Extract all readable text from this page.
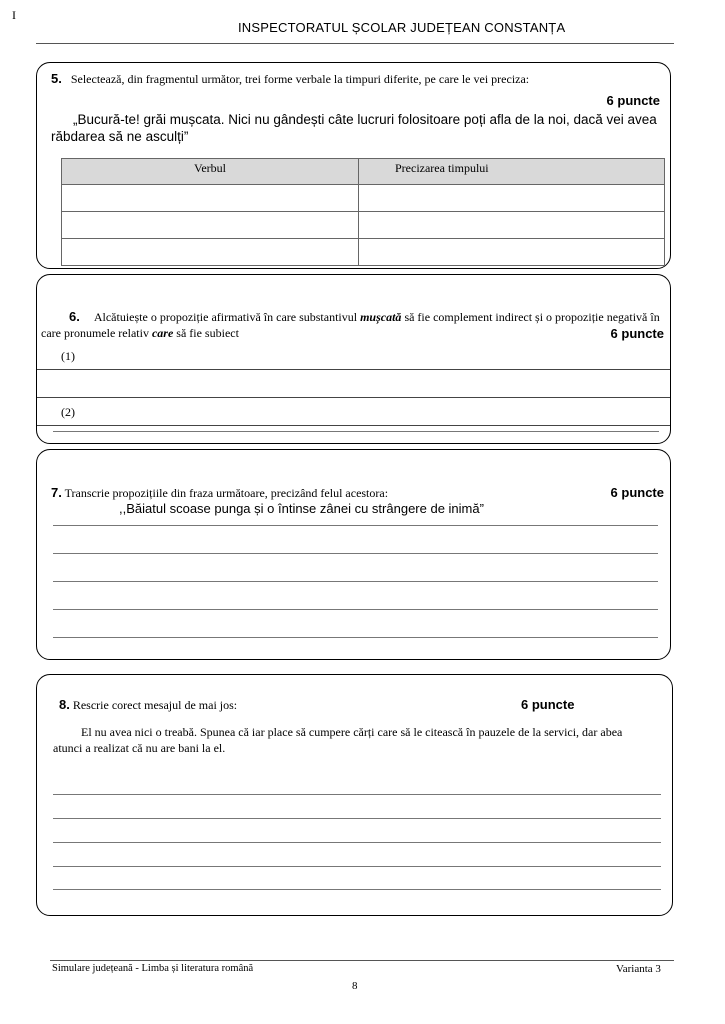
I
INSPECTORATUL ȘCOLAR JUDEȚEAN CONSTANȚA
5. Selectează, din fragmentul următor, trei forme verbale la timpuri diferite, pe care le vei preciza:
6 puncte
„Bucură-te! grăi mușcata. Nici nu gândești câte lucruri folositoare poți afla de la noi, dacă vei avea răbdarea să ne asculți”
Verbul	Precizarea timpului

6. Alcătuiește o propoziție afirmativă în care substantivul mușcată să fie complement indirect și o propoziție negativă în care pronumele relativ care să fie subiect	6 puncte
(1)
(2)
7. Transcrie propozițiile din fraza următoare, precizând felul acestora:	6 puncte
,,Băiatul scoase punga și o întinse zânei cu strângere de inimă”
8. Rescrie corect mesajul de mai jos:	6 puncte
El nu avea nici o treabă. Spunea că iar place să cumpere cărți care să le citească în pauzele de la servici, dar abea atunci a realizat că nu are bani la el.
Simulare județeană - Limba și literatura română	Varianta 3
8
